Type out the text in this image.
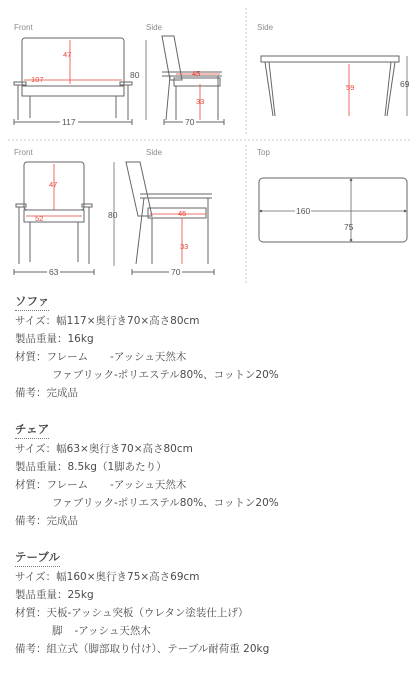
Front
47
107
117
Side
80	45
33
70
Side
59	69
Front
47
52
63
Side
80	45
33
70
Top
160
75
ソファ
サイズ：幅117×奥行き70×高さ80cm
製品重量：16kg
材質：フレーム -アッシュ天然木
ファブリック-ポリエステル80%、コットン20%
備考：完成品
チェア
サイズ：幅63×奥行き70×高さ80cm
製品重量：8.5kg（1脚あたり）
材質：フレーム -アッシュ天然木
ファブリック-ポリエステル80%、コットン20%
備考：完成品
テーブル
サイズ：幅160×奥行き75×高さ69cm
製品重量：25kg
材質：天板-アッシュ突板（ウレタン塗装仕上げ）
脚 -アッシュ天然木
備考：組立式（脚部取り付け）、テーブル耐荷重 20kg
